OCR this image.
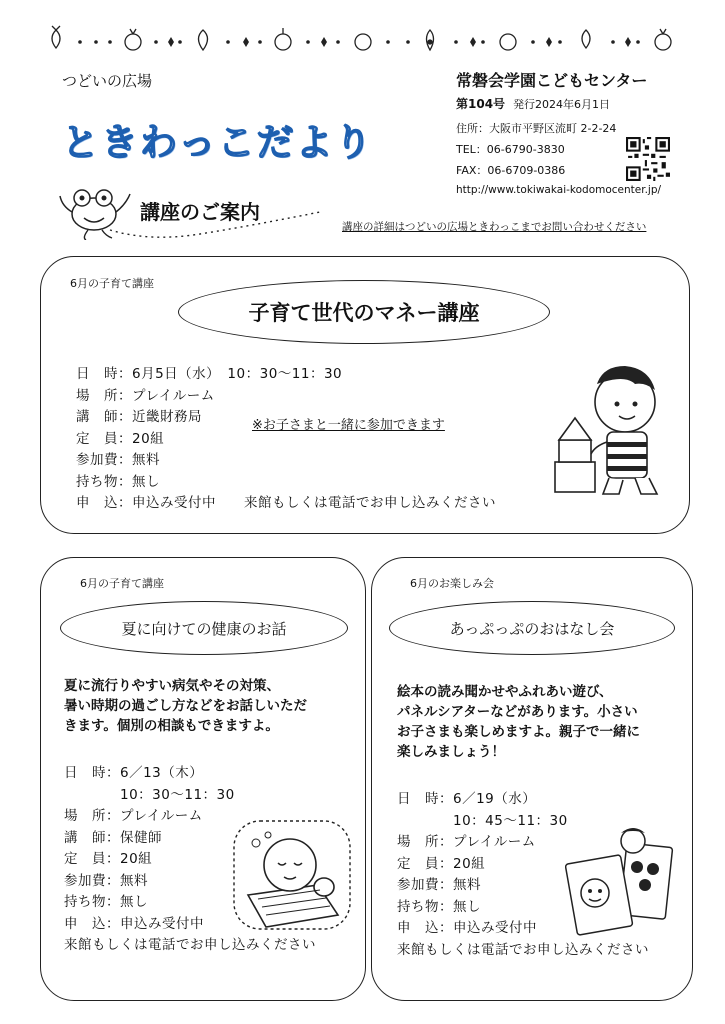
つどいの広場
ときわっこだより
常磐会学園こどもセンター
第104号 発行2024年6月1日
住所：大阪市平野区流町 2-2-24
TEL：06-6790-3830
FAX：06-6709-0386
http://www.tokiwakai-kodomocenter.jp/
講座のご案内
講座の詳細はつどいの広場ときわっこまでお問い合わせください
6月の子育て講座
子育て世代のマネー講座
日　時：6月5日（水）　10：30～11：30
場　所：プレイルーム
講　師：近畿財務局
定　員：20組
参加費：無料
持ち物：無し
申　込：申込み受付中　　来館もしくは電話でお申し込みください
※お子さまと一緒に参加できます
6月の子育て講座
夏に向けての健康のお話
夏に流行りやすい病気やその対策、
暑い時期の過ごし方などをお話しいただ
きます。個別の相談もできますよ。
日　時：6／13（木）
　　　　10：30～11：30
場　所：プレイルーム
講　師：保健師
定　員：20組
参加費：無料
持ち物：無し
申　込：申込み受付中
来館もしくは電話でお申し込みください
6月のお楽しみ会
あっぷっぷのおはなし会
絵本の読み聞かせやふれあい遊び、
パネルシアターなどがあります。小さい
お子さまも楽しめますよ。親子で一緒に
楽しみましょう！
日　時：6／19（水）
　　　　10：45～11：30
場　所：プレイルーム
定　員：20組
参加費：無料
持ち物：無し
申　込：申込み受付中
来館もしくは電話でお申し込みください
